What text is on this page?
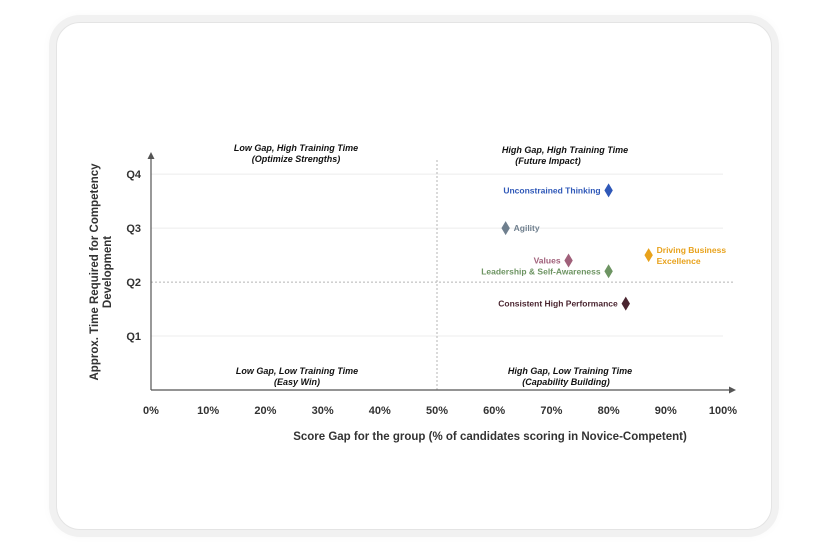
Low Gap, High Training Time
(Optimize Strengths)
High Gap, High Training Time
(Future Impact)
Low Gap, Low Training Time
(Easy Win)
High Gap, Low Training Time
(Capability Building)
0%	10%	20%	30%	40%	50%	60%	70%	80%	90%	100%
Q1
Q2
Q3
Q4
Unconstrained Thinking
Agility
Values
Leadership & Self-Awareness
Consistent High Performance
Driving Business
Excellence
Score Gap for the group (% of candidates scoring in Novice-Competent)
Approx. Time Required for Competency Development
